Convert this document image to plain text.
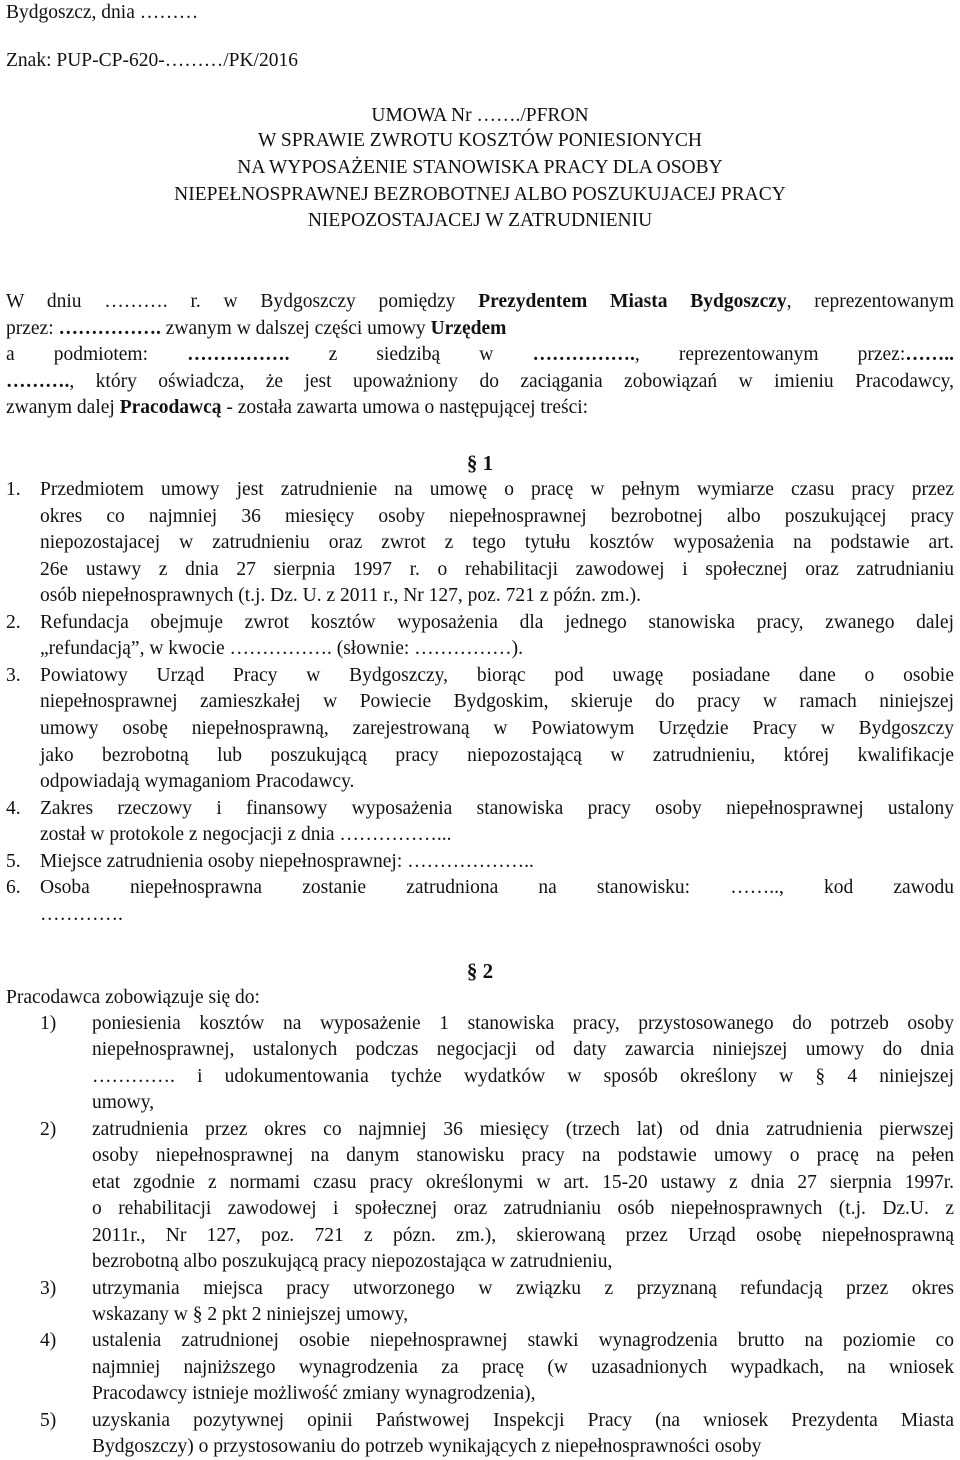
Bydgoszcz, dnia ………
Znak: PUP-CP-620-………/PK/2016
UMOWA Nr ……./PFRON
W SPRAWIE ZWROTU KOSZTÓW PONIESIONYCH
NA WYPOSAŻENIE STANOWISKA PRACY DLA OSOBY
NIEPEŁNOSPRAWNEJ BEZROBOTNEJ ALBO POSZUKUJACEJ PRACY
NIEPOZOSTAJACEJ W ZATRUDNIENIU
W dniu ………. r. w Bydgoszczy pomiędzy Prezydentem Miasta Bydgoszczy, reprezentowanym
przez: ……………. zwanym w dalszej części umowy Urzędem
a podmiotem: ……………. z siedzibą w ……………., reprezentowanym przez:……..
………., który oświadcza, że jest upoważniony do zaciągania zobowiązań w imieniu Pracodawcy,
zwanym dalej Pracodawcą - została zawarta umowa o następującej treści:
§ 1
1. Przedmiotem umowy jest zatrudnienie na umowę o pracę w pełnym wymiarze czasu pracy przez
okres co najmniej 36 miesięcy osoby niepełnosprawnej bezrobotnej albo poszukującej pracy
niepozostajacej w zatrudnieniu oraz zwrot z tego tytułu kosztów wyposażenia na podstawie art.
26e ustawy z dnia 27 sierpnia 1997 r. o rehabilitacji zawodowej i społecznej oraz zatrudnianiu
osób niepełnosprawnych (t.j. Dz. U. z 2011 r., Nr 127, poz. 721 z późn. zm.).
2. Refundacja obejmuje zwrot kosztów wyposażenia dla jednego stanowiska pracy, zwanego dalej
„refundacją”, w kwocie ……………. (słownie: ……………).
3. Powiatowy Urząd Pracy w Bydgoszczy, biorąc pod uwagę posiadane dane o osobie
niepełnosprawnej zamieszkałej w Powiecie Bydgoskim, skieruje do pracy w ramach niniejszej
umowy osobę niepełnosprawną, zarejestrowaną w Powiatowym Urzędzie Pracy w Bydgoszczy
jako bezrobotną lub poszukującą pracy niepozostającą w zatrudnieniu, której kwalifikacje
odpowiadają wymaganiom Pracodawcy.
4. Zakres rzeczowy i finansowy wyposażenia stanowiska pracy osoby niepełnosprawnej ustalony
został w protokole z negocjacji z dnia ……………...
5. Miejsce zatrudnienia osoby niepełnosprawnej: ………………..
6. Osoba niepełnosprawna zostanie zatrudniona na stanowisku: …….., kod zawodu
………….
§ 2
Pracodawca zobowiązuje się do:
1) poniesienia kosztów na wyposażenie 1 stanowiska pracy, przystosowanego do potrzeb osoby
niepełnosprawnej, ustalonych podczas negocjacji od daty zawarcia niniejszej umowy do dnia
…………. i udokumentowania tychże wydatków w sposób określony w § 4 niniejszej
umowy,
2) zatrudnienia przez okres co najmniej 36 miesięcy (trzech lat) od dnia zatrudnienia pierwszej
osoby niepełnosprawnej na danym stanowisku pracy na podstawie umowy o pracę na pełen
etat zgodnie z normami czasu pracy określonymi w art. 15-20 ustawy z dnia 27 sierpnia 1997r.
o rehabilitacji zawodowej i społecznej oraz zatrudnianiu osób niepełnosprawnych (t.j. Dz.U. z
2011r., Nr 127, poz. 721 z pózn. zm.), skierowaną przez Urząd osobę niepełnosprawną
bezrobotną albo poszukującą pracy niepozostająca w zatrudnieniu,
3) utrzymania miejsca pracy utworzonego w związku z przyznaną refundacją przez okres
wskazany w § 2 pkt 2 niniejszej umowy,
4) ustalenia zatrudnionej osobie niepełnosprawnej stawki wynagrodzenia brutto na poziomie co
najmniej najniższego wynagrodzenia za pracę (w uzasadnionych wypadkach, na wniosek
Pracodawcy istnieje możliwość zmiany wynagrodzenia),
5) uzyskania pozytywnej opinii Państwowej Inspekcji Pracy (na wniosek Prezydenta Miasta
Bydgoszczy) o przystosowaniu do potrzeb wynikających z niepełnosprawności osoby
